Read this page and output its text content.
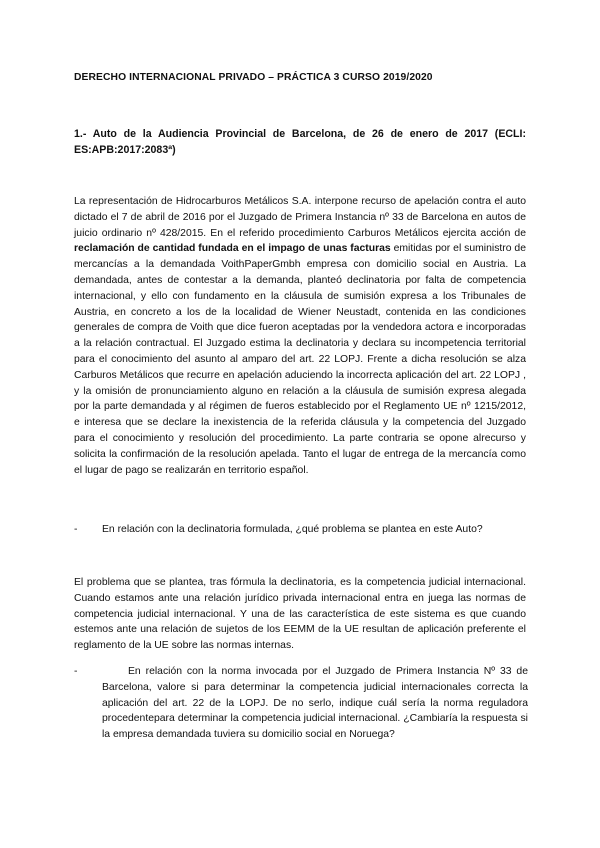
DERECHO INTERNACIONAL PRIVADO – PRÁCTICA 3 CURSO 2019/2020
1.- Auto de la Audiencia Provincial de Barcelona, de 26 de enero de 2017 (ECLI: ES:APB:2017:2083ª)
La representación de Hidrocarburos Metálicos S.A. interpone recurso de apelación contra el auto dictado el 7 de abril de 2016 por el Juzgado de Primera Instancia nº 33 de Barcelona en autos de juicio ordinario nº 428/2015. En el referido procedimiento Carburos Metálicos ejercita acción de reclamación de cantidad fundada en el impago de unas facturas emitidas por el suministro de mercancías a la demandada VoithPaperGmbh empresa con domicilio social en Austria. La demandada, antes de contestar a la demanda, planteó declinatoria por falta de competencia internacional, y ello con fundamento en la cláusula de sumisión expresa a los Tribunales de Austria, en concreto a los de la localidad de Wiener Neustadt, contenida en las condiciones generales de compra de Voith que dice fueron aceptadas por la vendedora actora e incorporadas a la relación contractual. El Juzgado estima la declinatoria y declara su incompetencia territorial para el conocimiento del asunto al amparo del art. 22 LOPJ. Frente a dicha resolución se alza Carburos Metálicos que recurre en apelación aduciendo la incorrecta aplicación del art. 22 LOPJ , y la omisión de pronunciamiento alguno en relación a la cláusula de sumisión expresa alegada por la parte demandada y al régimen de fueros establecido por el Reglamento UE nº 1215/2012, e interesa que se declare la inexistencia de la referida cláusula y la competencia del Juzgado para el conocimiento y resolución del procedimiento. La parte contraria se opone alrecurso y solicita la confirmación de la resolución apelada. Tanto el lugar de entrega de la mercancía como el lugar de pago se realizarán en territorio español.
- En relación con la declinatoria formulada, ¿qué problema se plantea en este Auto?
El problema que se plantea, tras fórmula la declinatoria, es la competencia judicial internacional. Cuando estamos ante una relación jurídico privada internacional entra en juega las normas de competencia judicial internacional. Y una de las característica de este sistema es que cuando estemos ante una relación de sujetos de los EEMM de la UE resultan de aplicación preferente el reglamento de la UE sobre las normas internas.
-	En relación con la norma invocada por el Juzgado de Primera Instancia Nº 33 de Barcelona, valore si para determinar la competencia judicial internacionales correcta la aplicación del art. 22 de la LOPJ. De no serlo, indique cuál sería la norma reguladora procedentepara determinar la competencia judicial internacional. ¿Cambiaría la respuesta si la empresa demandada tuviera su domicilio social en Noruega?
